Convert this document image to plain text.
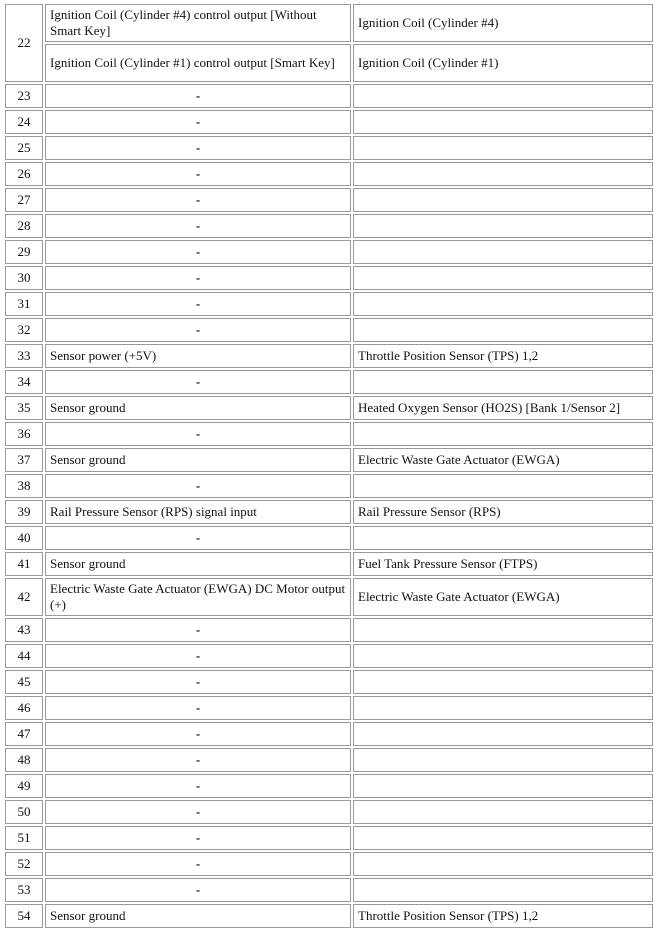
22	Ignition Coil (Cylinder #4) control output [Without Smart Key]	Ignition Coil (Cylinder #4)
	Ignition Coil (Cylinder #1) control output [Smart Key]	Ignition Coil (Cylinder #1)
23	-	
24	-	
25	-	
26	-	
27	-	
28	-	
29	-	
30	-	
31	-	
32	-	
33	Sensor power (+5V)	Throttle Position Sensor (TPS) 1,2
34	-	
35	Sensor ground	Heated Oxygen Sensor (HO2S) [Bank 1/Sensor 2]
36	-	
37	Sensor ground	Electric Waste Gate Actuator (EWGA)
38	-	
39	Rail Pressure Sensor (RPS) signal input	Rail Pressure Sensor (RPS)
40	-	
41	Sensor ground	Fuel Tank Pressure Sensor (FTPS)
42	Electric Waste Gate Actuator (EWGA) DC Motor output (+)	Electric Waste Gate Actuator (EWGA)
43	-	
44	-	
45	-	
46	-	
47	-	
48	-	
49	-	
50	-	
51	-	
52	-	
53	-	
54	Sensor ground	Throttle Position Sensor (TPS) 1,2
